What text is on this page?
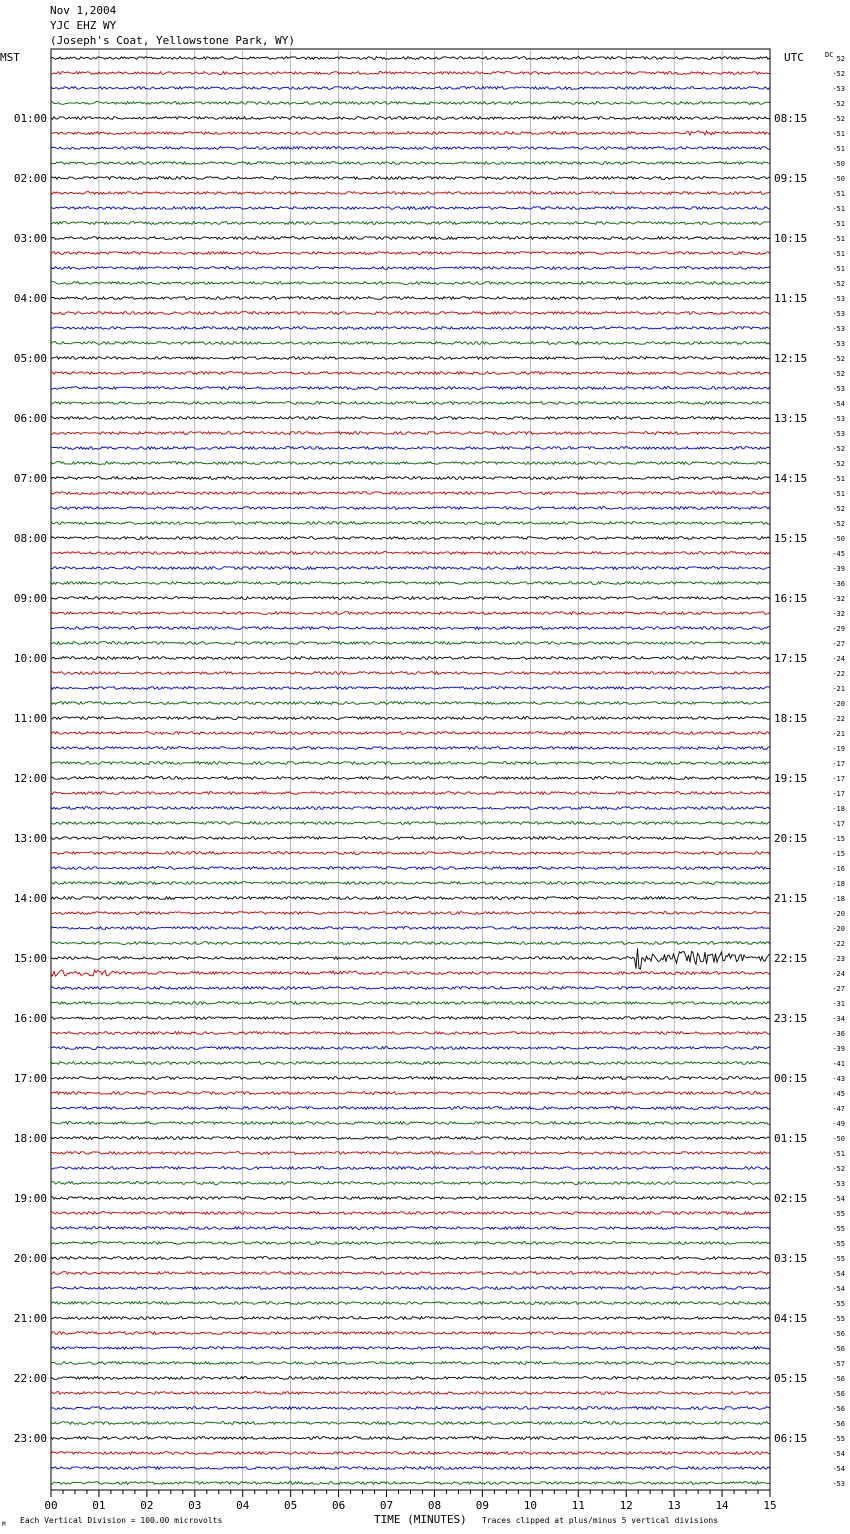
Nov 1,2004
YJC EHZ WY
(Joseph's Coat, Yellowstone Park, WY)
01:00
02:00
03:00
04:00
05:00
06:00
07:00
08:00
09:00
10:00
11:00
12:00
13:00
14:00
15:00
16:00
17:00
18:00
19:00
20:00
21:00
22:00
23:00
08:15
09:15
10:15
11:15
12:15
13:15
14:15
15:15
16:15
17:15
18:15
19:15
20:15
21:15
22:15
23:15
00:15
01:15
02:15
03:15
04:15
05:15
06:15
52
-52
-53
-52
-52
-51
-51
-50
-50
-51
-51
-51
-51
-51
-51
-52
-53
-53
-53
-53
-52
-52
-53
-54
-53
-53
-52
-52
-51
-51
-52
-52
-50
-45
-39
-36
-32
-32
-29
-27
-24
-22
-21
-20
-22
-21
-19
-17
-17
-17
-18
-17
-15
-15
-16
-18
-18
-20
-20
-22
-23
-24
-27
-31
-34
-36
-39
-41
-43
-45
-47
-49
-50
-51
-52
-53
-54
-55
-55
-55
-55
-54
-54
-55
-55
-56
-56
-57
-56
-56
-56
-56
-55
-54
-54
-53
00	01	02	03	04	05	06	07	08	09	10	11	12	13	14	15
MST	UTC	DC
M Each Vertical Division = 100.00 microvolts	TIME (MINUTES) Traces clipped at plus/minus 5 vertical divisions
